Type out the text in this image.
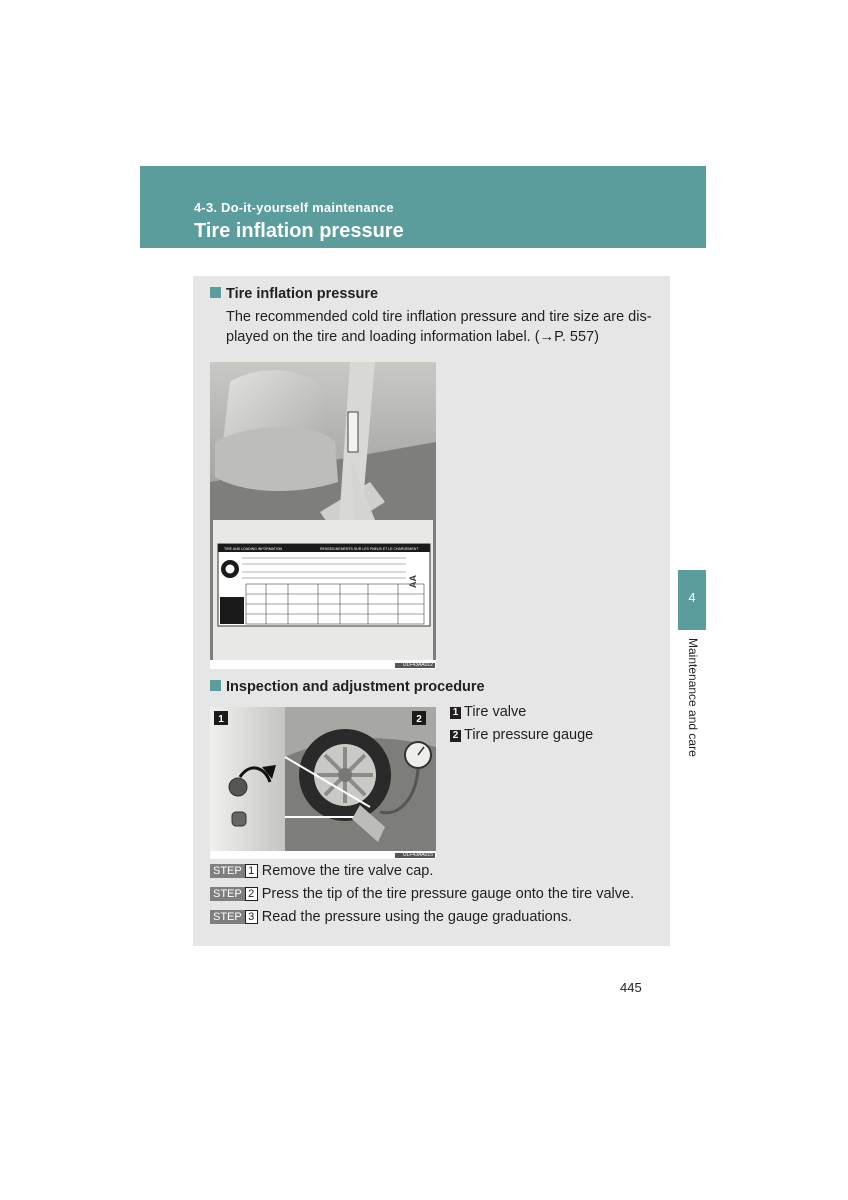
4-3. Do-it-yourself maintenance
Tire inflation pressure
Tire inflation pressure
The recommended cold tire inflation pressure and tire size are dis-
played on the tire and loading information label. (→P. 557)
TIRE AND LOADING INFORMATION	RENSEIGNEMENTS SUR LES PNEUS ET LE CHARGEMENT
AA
ULF43AA012
Inspection and adjustment procedure
1	2
ULF43AA015
1 Tire valve
2 Tire pressure gauge
STEP 1 Remove the tire valve cap.
STEP 2 Press the tip of the tire pressure gauge onto the tire valve.
STEP 3 Read the pressure using the gauge graduations.
4
Maintenance and care
445
